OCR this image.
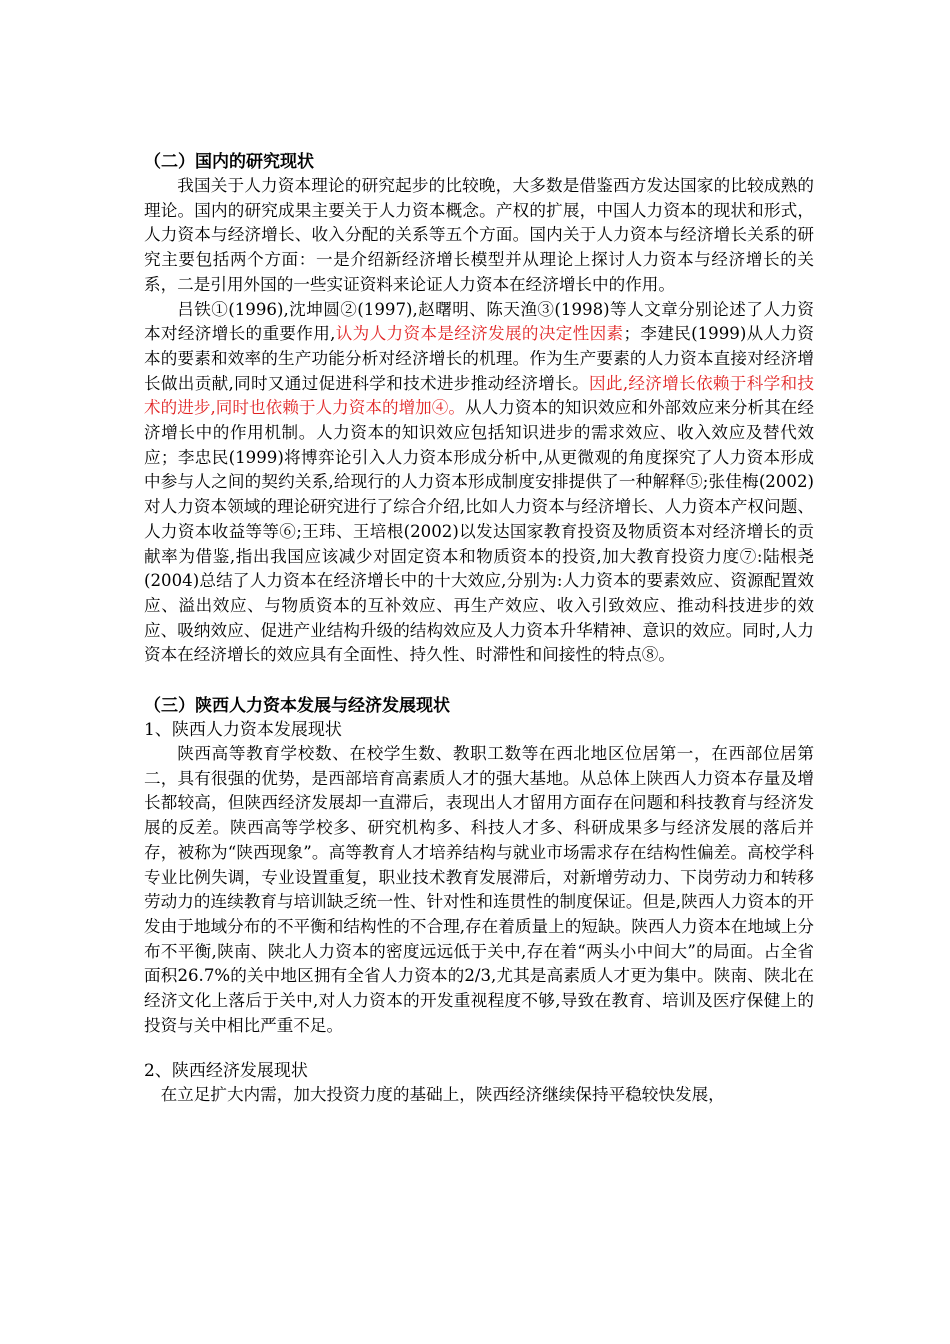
（二）国内的研究现状

我国关于人力资本理论的研究起步的比较晚，大多数是借鉴西方发达国家的比较成熟的理论。国内的研究成果主要关于人力资本概念。产权的扩展，中国人力资本的现状和形式，人力资本与经济增长、收入分配的关系等五个方面。国内关于人力资本与经济增长关系的研究主要包括两个方面：一是介绍新经济增长模型并从理论上探讨人力资本与经济增长的关系，二是引用外国的一些实证资料来论证人力资本在经济增长中的作用。

吕铁①(1996),沈坤圆②(1997),赵曙明、陈天渔③(1998)等人文章分别论述了人力资本对经济增长的重要作用,认为人力资本是经济发展的决定性因素；李建民(1999)从人力资本的要素和效率的生产功能分析对经济增长的机理。作为生产要素的人力资本直接对经济增长做出贡献,同时又通过促进科学和技术进步推动经济增长。因此,经济增长依赖于科学和技术的进步,同时也依赖于人力资本的增加④。从人力资本的知识效应和外部效应来分析其在经济增长中的作用机制。人力资本的知识效应包括知识进步的需求效应、收入效应及替代效应；李忠民(1999)将博弈论引入人力资本形成分析中,从更微观的角度探究了人力资本形成中参与人之间的契约关系,给现行的人力资本形成制度安排提供了一种解释⑤;张佳梅(2002)对人力资本领域的理论研究进行了综合介绍,比如人力资本与经济增长、人力资本产权问题、人力资本收益等等⑥;王玮、王培根(2002)以发达国家教育投资及物质资本对经济增长的贡献率为借鉴,指出我国应该减少对固定资本和物质资本的投资,加大教育投资力度⑦:陆根尧(2004)总结了人力资本在经济增长中的十大效应,分别为:人力资本的要素效应、资源配置效应、溢出效应、与物质资本的互补效应、再生产效应、收入引致效应、推动科技进步的效应、吸纳效应、促进产业结构升级的结构效应及人力资本升华精神、意识的效应。同时,人力资本在经济增长的效应具有全面性、持久性、时滞性和间接性的特点⑧。

（三）陕西人力资本发展与经济发展现状

1、陕西人力资本发展现状

陕西高等教育学校数、在校学生数、教职工数等在西北地区位居第一，在西部位居第二，具有很强的优势，是西部培育高素质人才的强大基地。从总体上陕西人力资本存量及增长都较高，但陕西经济发展却一直滞后，表现出人才留用方面存在问题和科技教育与经济发展的反差。陕西高等学校多、研究机构多、科技人才多、科研成果多与经济发展的落后并存，被称为“陕西现象”。高等教育人才培养结构与就业市场需求存在结构性偏差。高校学科专业比例失调，专业设置重复，职业技术教育发展滞后，对新增劳动力、下岗劳动力和转移劳动力的连续教育与培训缺乏统一性、针对性和连贯性的制度保证。但是,陕西人力资本的开发由于地域分布的不平衡和结构性的不合理,存在着质量上的短缺。陕西人力资本在地域上分布不平衡,陕南、陕北人力资本的密度远远低于关中,存在着“两头小中间大”的局面。占全省面积26.7%的关中地区拥有全省人力资本的2/3,尤其是高素质人才更为集中。陕南、陕北在经济文化上落后于关中,对人力资本的开发重视程度不够,导致在教育、培训及医疗保健上的投资与关中相比严重不足。

2、陕西经济发展现状

在立足扩大内需，加大投资力度的基础上，陕西经济继续保持平稳较快发展，
